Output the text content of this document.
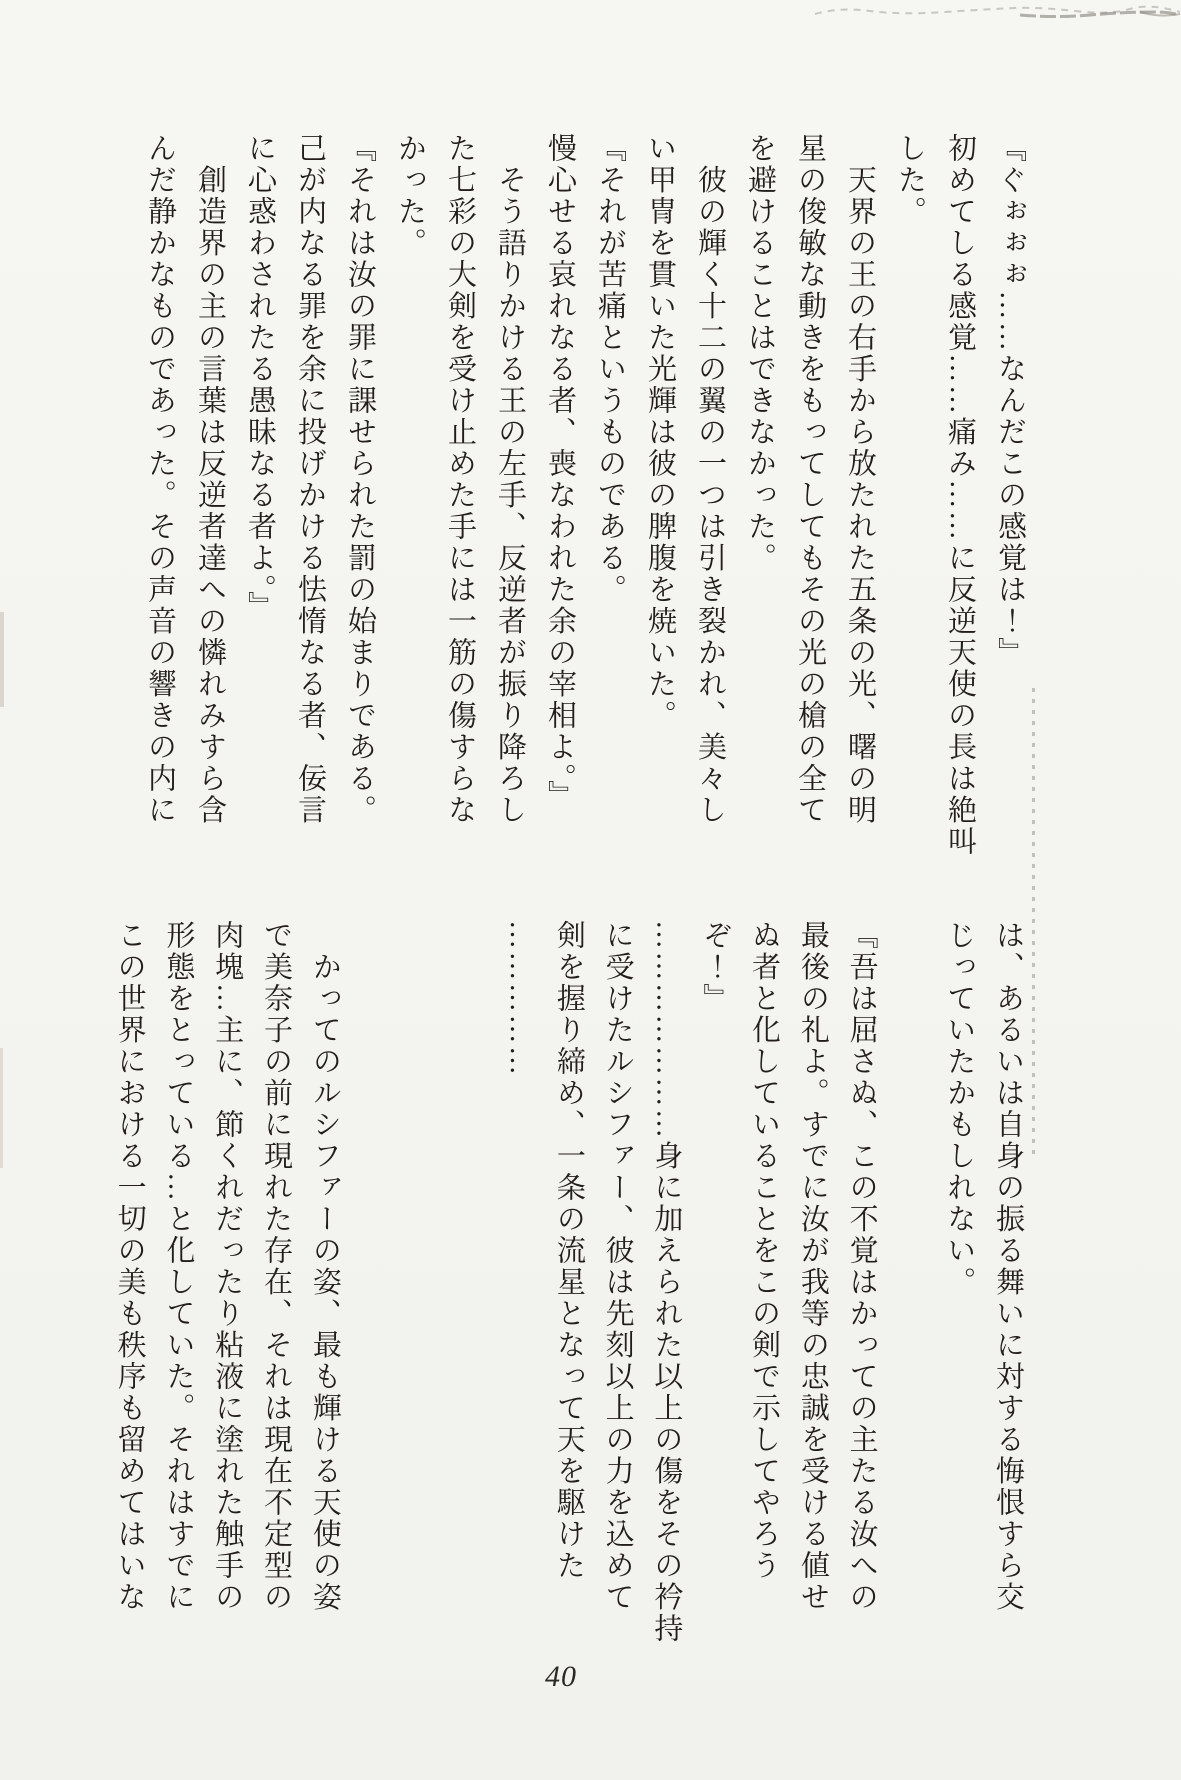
『ぐぉぉぉ……なんだこの感覚は！』

初めてしる感覚……痛み……に反逆天使の長は絶叫

した。

　天界の王の右手から放たれた五条の光、曙の明

星の俊敏な動きをもってしてもその光の槍の全て

を避けることはできなかった。

　彼の輝く十二の翼の一つは引き裂かれ、美々し

い甲冑を貫いた光輝は彼の脾腹を焼いた。

『それが苦痛というものである。

慢心せる哀れなる者、喪なわれた余の宰相よ。』

　そう語りかける王の左手、反逆者が振り降ろし

た七彩の大剣を受け止めた手には一筋の傷すらな

かった。

『それは汝の罪に課せられた罰の始まりである。

己が内なる罪を余に投げかける怯惰なる者、佞言

に心惑わされたる愚昧なる者よ。』

　創造界の主の言葉は反逆者達への憐れみすら含

んだ静かなものであった。その声音の響きの内に

は、あるいは自身の振る舞いに対する悔恨すら交

じっていたかもしれない。

『吾は屈さぬ、この不覚はかっての主たる汝への

最後の礼よ。すでに汝が我等の忠誠を受ける値せ

ぬ者と化していることをこの剣で示してやろう

ぞ！』

…………………身に加えられた以上の傷をその衿持

に受けたルシファー、彼は先刻以上の力を込めて

剣を握り締め、一条の流星となって天を駆けた

……………

　かってのルシファーの姿、最も輝ける天使の姿

で美奈子の前に現れた存在、それは現在不定型の

肉塊…主に、節くれだったり粘液に塗れた触手の

形態をとっている…と化していた。それはすでに

この世界における一切の美も秩序も留めてはいな

40
